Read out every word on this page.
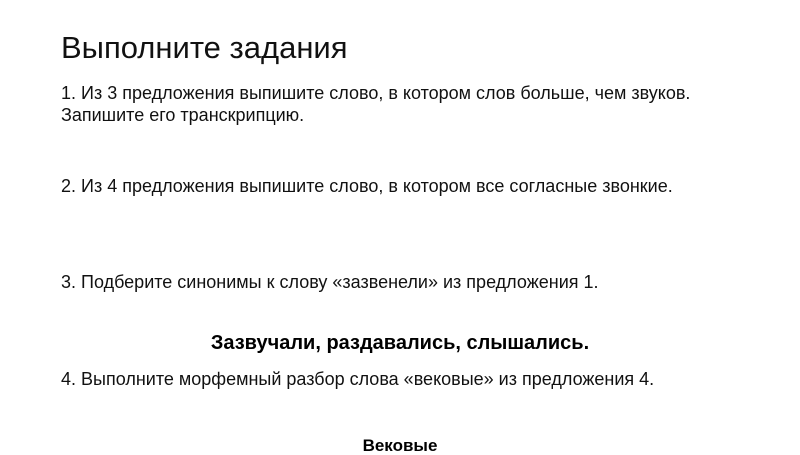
Выполните задания
1. Из 3 предложения выпишите слово, в котором слов больше, чем звуков. Запишите его транскрипцию.
2. Из 4 предложения выпишите слово, в котором все согласные звонкие.
3. Подберите синонимы к слову «зазвенели» из предложения 1.
Зазвучали, раздавались, слышались.
4. Выполните морфемный разбор слова «вековые» из предложения 4.
Вековые
